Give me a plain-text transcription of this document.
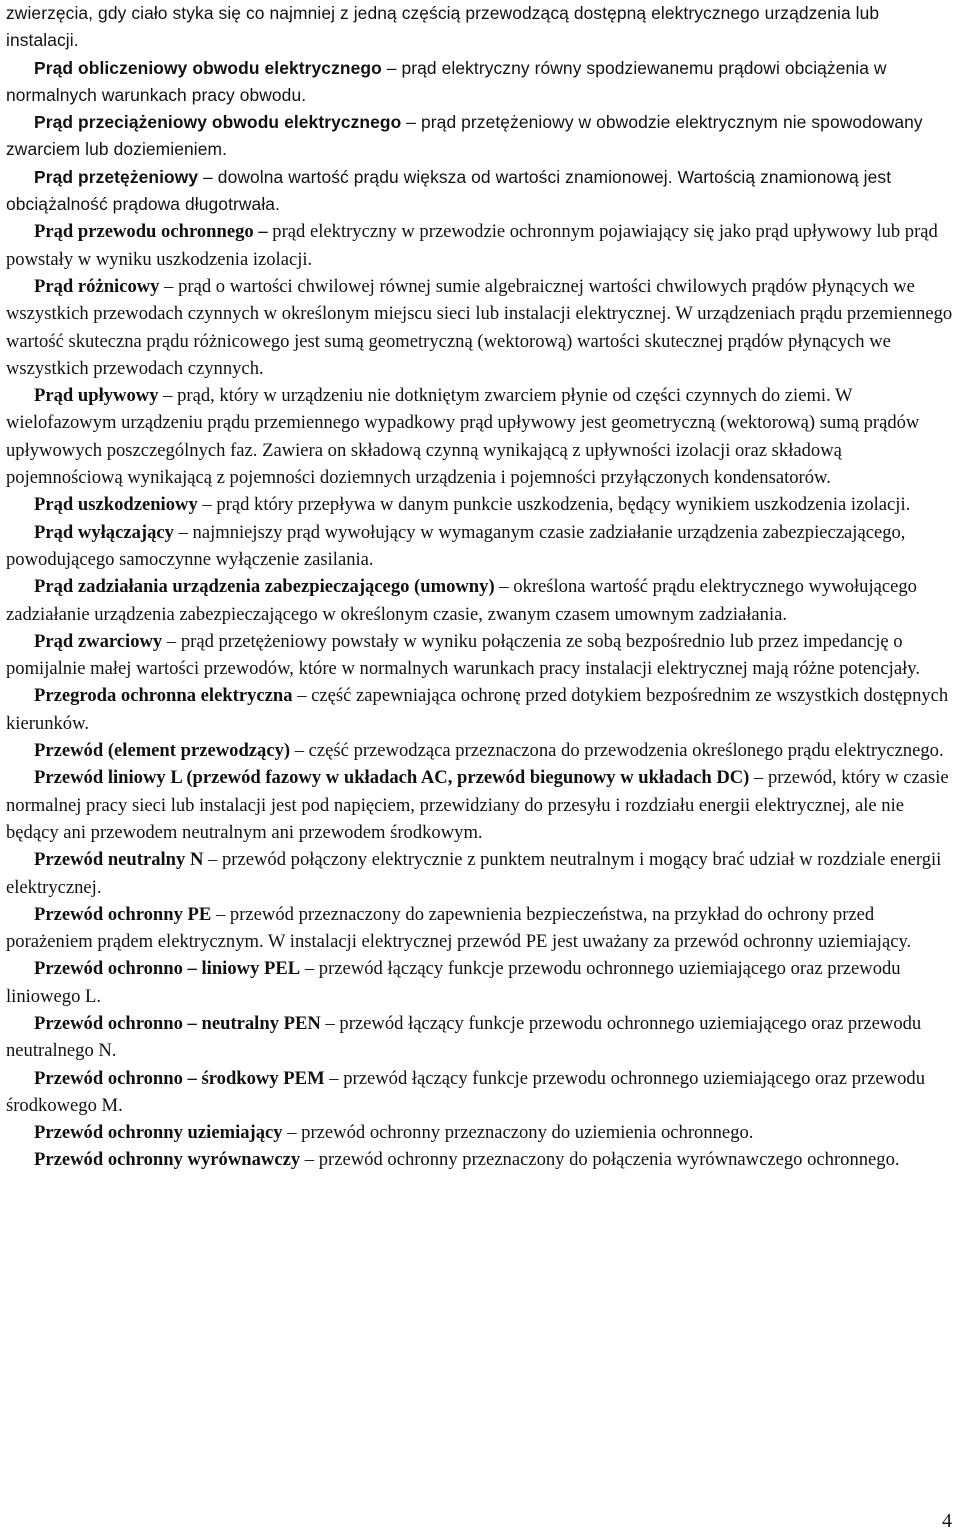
zwierzęcia, gdy ciało styka się co najmniej z jedną częścią przewodzącą dostępną elektrycznego urządzenia lub instalacji.

Prąd obliczeniowy obwodu elektrycznego – prąd elektryczny równy spodziewanemu prądowi obciążenia w normalnych warunkach pracy obwodu.

Prąd przeciążeniowy obwodu elektrycznego – prąd przetężeniowy w obwodzie elektrycznym nie spowodowany zwarciem lub doziemieniem.

Prąd przetężeniowy – dowolna wartość prądu większa od wartości znamionowej. Wartością znamionową jest obciążalność prądowa długotrwała.

Prąd przewodu ochronnego – prąd elektryczny w przewodzie ochronnym pojawiający się jako prąd upływowy lub prąd powstały w wyniku uszkodzenia izolacji.

Prąd różnicowy – prąd o wartości chwilowej równej sumie algebraicznej wartości chwilowych prądów płynących we wszystkich przewodach czynnych w określonym miejscu sieci lub instalacji elektrycznej. W urządzeniach prądu przemiennego wartość skuteczna prądu różnicowego jest sumą geometryczną (wektorową) wartości skutecznej prądów płynących we wszystkich przewodach czynnych.

Prąd upływowy – prąd, który w urządzeniu nie dotkniętym zwarciem płynie od części czynnych do ziemi. W wielofazowym urządzeniu prądu przemiennego wypadkowy prąd upływowy jest geometryczną (wektorową) sumą prądów upływowych poszczególnych faz. Zawiera on składową czynną wynikającą z upływności izolacji oraz składową pojemnościową wynikającą z pojemności doziemnych urządzenia i pojemności przyłączonych kondensatorów.

Prąd uszkodzeniowy – prąd który przepływa w danym punkcie uszkodzenia, będący wynikiem uszkodzenia izolacji.

Prąd wyłączający – najmniejszy prąd wywołujący w wymaganym czasie zadziałanie urządzenia zabezpieczającego, powodującego samoczynne wyłączenie zasilania.

Prąd zadziałania urządzenia zabezpieczającego (umowny) – określona wartość prądu elektrycznego wywołującego zadziałanie urządzenia zabezpieczającego w określonym czasie, zwanym czasem umownym zadziałania.

Prąd zwarciowy – prąd przetężeniowy powstały w wyniku połączenia ze sobą bezpośrednio lub przez impedancję o pomijalnie małej wartości przewodów, które w normalnych warunkach pracy instalacji elektrycznej mają różne potencjały.

Przegroda ochronna elektryczna – część zapewniająca ochronę przed dotykiem bezpośrednim ze wszystkich dostępnych kierunków.

Przewód (element przewodzący) – część przewodząca przeznaczona do przewodzenia określonego prądu elektrycznego.

Przewód liniowy L (przewód fazowy w układach AC, przewód biegunowy w układach DC) – przewód, który w czasie normalnej pracy sieci lub instalacji jest pod napięciem, przewidziany do przesyłu i rozdziału energii elektrycznej, ale nie będący ani przewodem neutralnym ani przewodem środkowym.

Przewód neutralny N – przewód połączony elektrycznie z punktem neutralnym i mogący brać udział w rozdziale energii elektrycznej.

Przewód ochronny PE – przewód przeznaczony do zapewnienia bezpieczeństwa, na przykład do ochrony przed porażeniem prądem elektrycznym. W instalacji elektrycznej przewód PE jest uważany za przewód ochronny uziemiający.

Przewód ochronno – liniowy PEL – przewód łączący funkcje przewodu ochronnego uziemiającego oraz przewodu liniowego L.

Przewód ochronno – neutralny PEN – przewód łączący funkcje przewodu ochronnego uziemiającego oraz przewodu neutralnego N.

Przewód ochronno – środkowy PEM – przewód łączący funkcje przewodu ochronnego uziemiającego oraz przewodu środkowego M.

Przewód ochronny uziemiający – przewód ochronny przeznaczony do uziemienia ochronnego.

Przewód ochronny wyrównawczy – przewód ochronny przeznaczony do połączenia wyrównawczego ochronnego.

4
